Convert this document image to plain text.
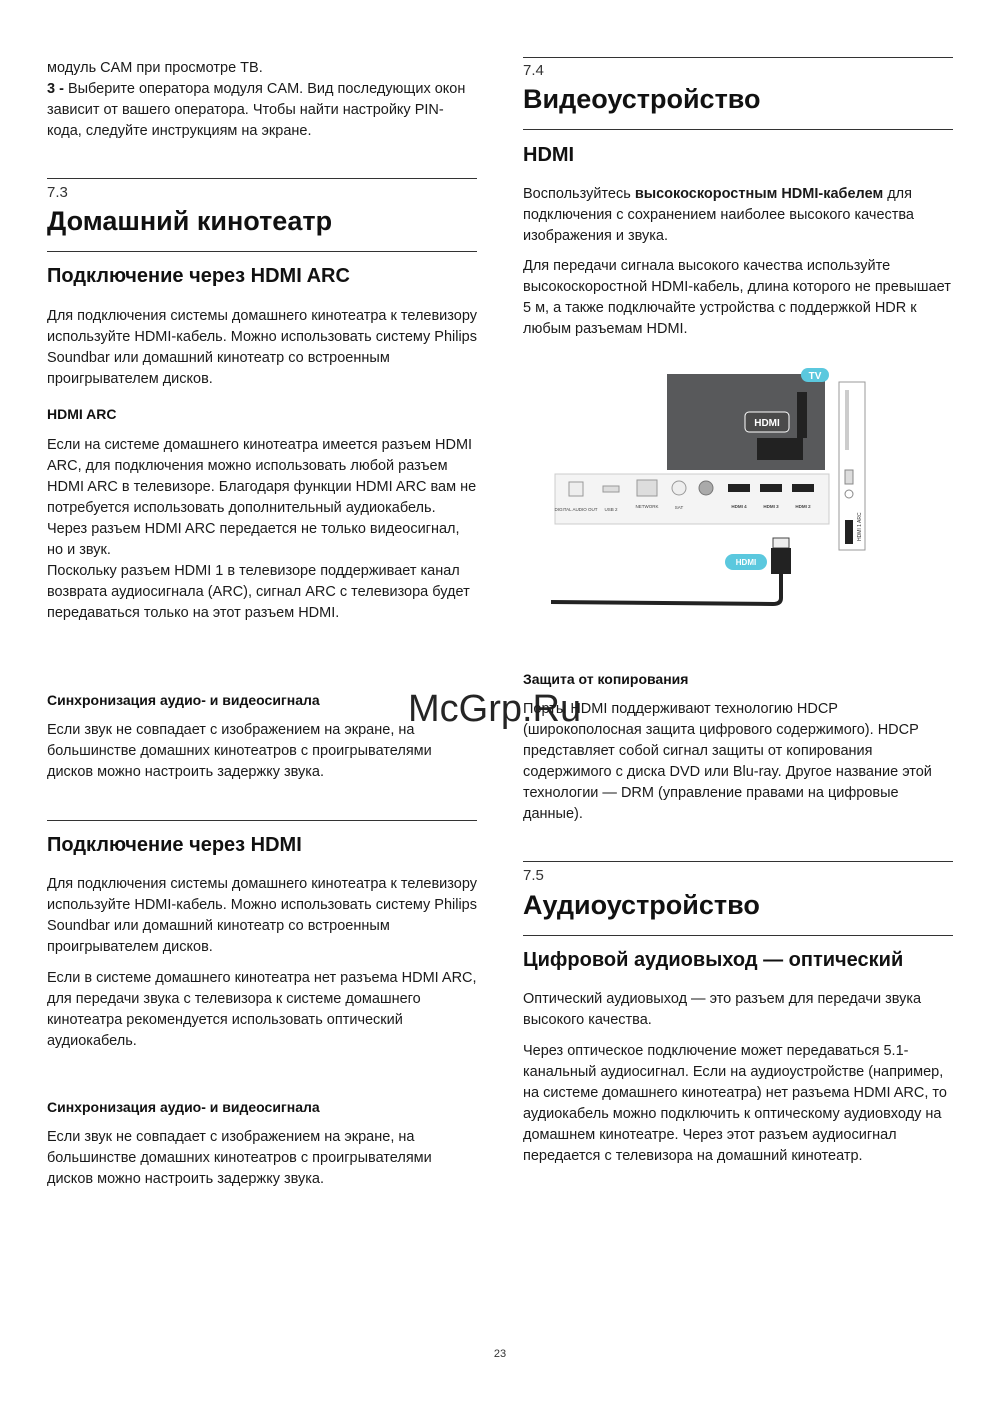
модуль CAM при просмотре ТВ.
3 - Выберите оператора модуля CAM. Вид последующих окон зависит от вашего оператора. Чтобы найти настройку PIN-кода, следуйте инструкциям на экране.

7.3
Домашний кинотеатр
Подключение через HDMI ARC

Для подключения системы домашнего кинотеатра к телевизору используйте HDMI-кабель. Можно использовать систему Philips Soundbar или домашний кинотеатр со встроенным проигрывателем дисков.

HDMI ARC

Если на системе домашнего кинотеатра имеется разъем HDMI ARC, для подключения можно использовать любой разъем HDMI ARC в телевизоре. Благодаря функции HDMI ARC вам не потребуется использовать дополнительный аудиокабель. Через разъем HDMI ARC передается не только видеосигнал, но и звук.
Поскольку разъем HDMI 1 в телевизоре поддерживает канал возврата аудиосигнала (ARC), сигнал ARC с телевизора будет передаваться только на этот разъем HDMI.

Синхронизация аудио- и видеосигнала

Если звук не совпадает с изображением на экране, на большинстве домашних кинотеатров с проигрывателями дисков можно настроить задержку звука.

Подключение через HDMI

Для подключения системы домашнего кинотеатра к телевизору используйте HDMI-кабель. Можно использовать систему Philips Soundbar или домашний кинотеатр со встроенным проигрывателем дисков.

Если в системе домашнего кинотеатра нет разъема HDMI ARC, для передачи звука с телевизора к системе домашнего кинотеатра рекомендуется использовать оптический аудиокабель.

Синхронизация аудио- и видеосигнала

Если звук не совпадает с изображением на экране, на большинстве домашних кинотеатров с проигрывателями дисков можно настроить задержку звука.

7.4
Видеоустройство
HDMI

Воспользуйтесь высокоскоростным HDMI-кабелем для подключения с сохранением наиболее высокого качества изображения и звука.

Для передачи сигнала высокого качества используйте высокоскоростной HDMI-кабель, длина которого не превышает 5 м, а также подключайте устройства с поддержкой HDR к любым разъемам HDMI.

Защита от копирования

Порты HDMI поддерживают технологию HDCP (широкополосная защита цифрового содержимого). HDCP представляет собой сигнал защиты от копирования содержимого с диска DVD или Blu-ray. Другое название этой технологии — DRM (управление правами на цифровые данные).

7.5
Аудиоустройство
Цифровой аудиовыход — оптический

Оптический аудиовыход — это разъем для передачи звука высокого качества.

Через оптическое подключение может передаваться 5.1-канальный аудиосигнал. Если на аудиоустройстве (например, на системе домашнего кинотеатра) нет разъема HDMI ARC, то аудиокабель можно подключить к оптическому аудиовходу на домашнем кинотеатре. Через этот разъем аудиосигнал передается с телевизора на домашний кинотеатр.

TV
HDMI
HDMI 1 ARC
DIGITAL AUDIO OUT USB 2
NETWORK	SAT	HDMI 4	HDMI 3	HDMI 2
HDMI
McGrp.Ru
23
